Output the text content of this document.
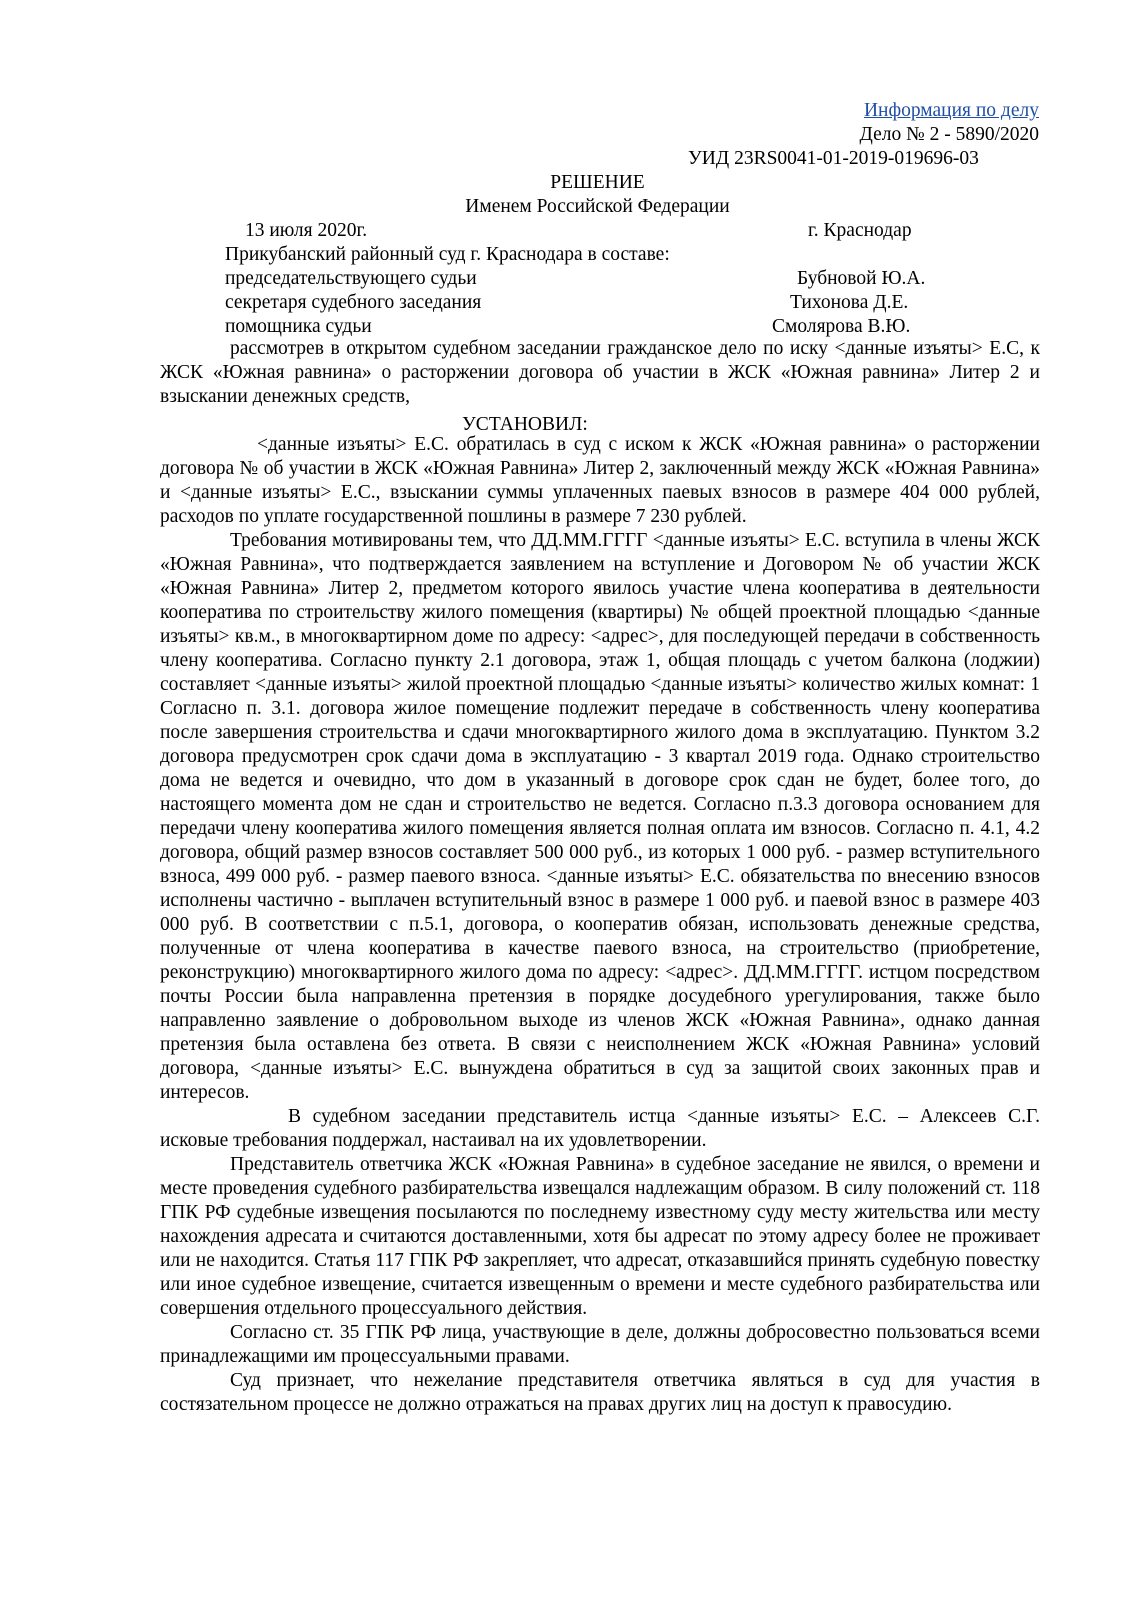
Информация по делу
Дело № 2 - 5890/2020
УИД 23RS0041-01-2019-019696-03
РЕШЕНИЕ
Именем Российской Федерации
13 июля 2020г.	г. Краснодар
Прикубанский районный суд г. Краснодара в составе:
председательствующего судьи	Бубновой Ю.А.
секретаря судебного заседания	Тихонова Д.Е.
помощника судьи	Смолярова В.Ю.

рассмотрев в открытом судебном заседании гражданское дело по иску <данные изъяты> Е.С, к ЖСК «Южная равнина» о расторжении договора об участии в ЖСК «Южная равнина» Литер 2 и взыскании денежных средств,

УСТАНОВИЛ:

<данные изъяты> Е.С. обратилась в суд с иском к ЖСК «Южная равнина» о расторжении договора № об участии в ЖСК «Южная Равнина» Литер 2, заключенный между ЖСК «Южная Равнина» и <данные изъяты> Е.С., взыскании суммы уплаченных паевых взносов в размере 404 000 рублей, расходов по уплате государственной пошлины в размере 7 230 рублей.

Требования мотивированы тем, что ДД.ММ.ГГГГ <данные изъяты> Е.С. вступила в члены ЖСК «Южная Равнина», что подтверждается заявлением на вступление и Договором № об участии ЖСК «Южная Равнина» Литер 2, предметом которого явилось участие члена кооператива в деятельности кооператива по строительству жилого помещения (квартиры) № общей проектной площадью <данные изъяты> кв.м., в многоквартирном доме по адресу: <адрес>, для последующей передачи в собственность члену кооператива. Согласно пункту 2.1 договора, этаж 1, общая площадь с учетом балкона (лоджии) составляет <данные изъяты> жилой проектной площадью <данные изъяты> количество жилых комнат: 1 Согласно п. 3.1. договора жилое помещение подлежит передаче в собственность члену кооператива после завершения строительства и сдачи многоквартирного жилого дома в эксплуатацию. Пунктом 3.2 договора предусмотрен срок сдачи дома в эксплуатацию - 3 квартал 2019 года. Однако строительство дома не ведется и очевидно, что дом в указанный в договоре срок сдан не будет, более того, до настоящего момента дом не сдан и строительство не ведется. Согласно п.3.3 договора основанием для передачи члену кооператива жилого помещения является полная оплата им взносов. Согласно п. 4.1, 4.2 договора, общий размер взносов составляет 500 000 руб., из которых 1 000 руб. - размер вступительного взноса, 499 000 руб. - размер паевого взноса. <данные изъяты> Е.С. обязательства по внесению взносов исполнены частично - выплачен вступительный взнос в размере 1 000 руб. и паевой взнос в размере 403 000 руб. В соответствии с п.5.1, договора, о кооператив обязан, использовать денежные средства, полученные от члена кооператива в качестве паевого взноса, на строительство (приобретение, реконструкцию) многоквартирного жилого дома по адресу: <адрес>. ДД.ММ.ГГГГ. истцом посредством почты России была направленна претензия в порядке досудебного урегулирования, также было направленно заявление о добровольном выходе из членов ЖСК «Южная Равнина», однако данная претензия была оставлена без ответа. В связи с неисполнением ЖСК «Южная Равнина» условий договора, <данные изъяты> Е.С. вынуждена обратиться в суд за защитой своих законных прав и интересов.

В судебном заседании представитель истца <данные изъяты> Е.С. – Алексеев С.Г. исковые требования поддержал, настаивал на их удовлетворении.

Представитель ответчика ЖСК «Южная Равнина» в судебное заседание не явился, о времени и месте проведения судебного разбирательства извещался надлежащим образом. В силу положений ст. 118 ГПК РФ судебные извещения посылаются по последнему известному суду месту жительства или месту нахождения адресата и считаются доставленными, хотя бы адресат по этому адресу более не проживает или не находится. Статья 117 ГПК РФ закрепляет, что адресат, отказавшийся принять судебную повестку или иное судебное извещение, считается извещенным о времени и месте судебного разбирательства или совершения отдельного процессуального действия.

Согласно ст. 35 ГПК РФ лица, участвующие в деле, должны добросовестно пользоваться всеми принадлежащими им процессуальными правами.

Суд признает, что нежелание представителя ответчика являться в суд для участия в состязательном процессе не должно отражаться на правах других лиц на доступ к правосудию.
